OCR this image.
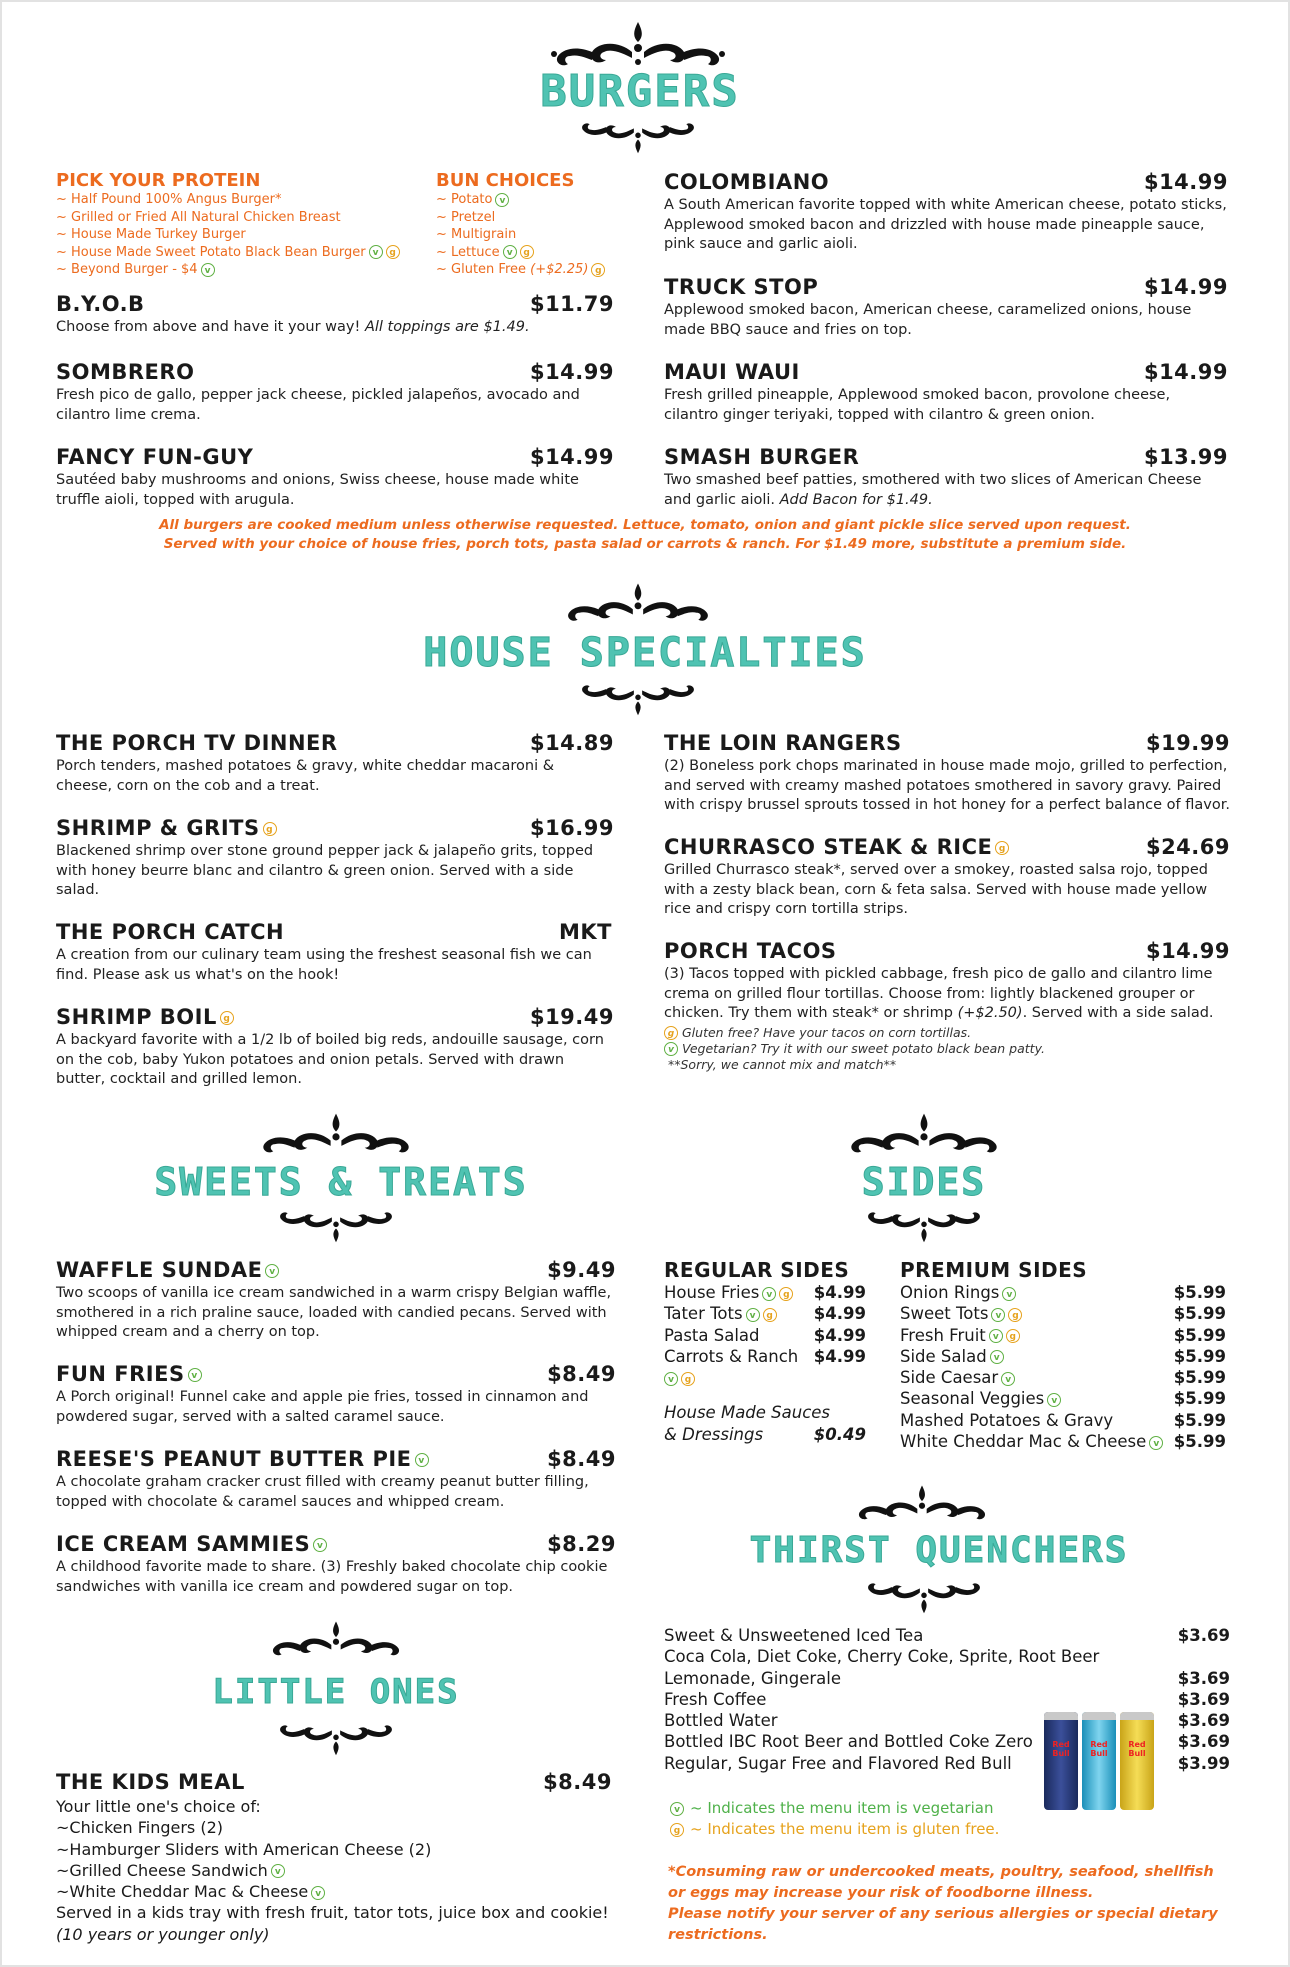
BURGERS
PICK YOUR PROTEIN
~ Half Pound 100% Angus Burger*
~ Grilled or Fried All Natural Chicken Breast
~ House Made Turkey Burger
~ House Made Sweet Potato Black Bean Burger v g
~ Beyond Burger - $4 v
BUN CHOICES
~ Potato v
~ Pretzel
~ Multigrain
~ Lettuce v g
~ Gluten Free (+$2.25) g
B.Y.O.B	$11.79
Choose from above and have it your way! All toppings are $1.49.
SOMBRERO	$14.99
Fresh pico de gallo, pepper jack cheese, pickled jalapeños, avocado and cilantro lime crema.
FANCY FUN-GUY	$14.99
Sautéed baby mushrooms and onions, Swiss cheese, house made white truffle aioli, topped with arugula.
COLOMBIANO	$14.99
A South American favorite topped with white American cheese, potato sticks, Applewood smoked bacon and drizzled with house made pineapple sauce, pink sauce and garlic aioli.
TRUCK STOP	$14.99
Applewood smoked bacon, American cheese, caramelized onions, house made BBQ sauce and fries on top.
MAUI WAUI	$14.99
Fresh grilled pineapple, Applewood smoked bacon, provolone cheese, cilantro ginger teriyaki, topped with cilantro & green onion.
SMASH BURGER	$13.99
Two smashed beef patties, smothered with two slices of American Cheese and garlic aioli. Add Bacon for $1.49.
All burgers are cooked medium unless otherwise requested. Lettuce, tomato, onion and giant pickle slice served upon request.
Served with your choice of house fries, porch tots, pasta salad or carrots & ranch. For $1.49 more, substitute a premium side.
HOUSE SPECIALTIES
THE PORCH TV DINNER	$14.89
Porch tenders, mashed potatoes & gravy, white cheddar macaroni & cheese, corn on the cob and a treat.
SHRIMP & GRITS g	$16.99
Blackened shrimp over stone ground pepper jack & jalapeño grits, topped with honey beurre blanc and cilantro & green onion. Served with a side salad.
THE PORCH CATCH	MKT
A creation from our culinary team using the freshest seasonal fish we can find. Please ask us what's on the hook!
SHRIMP BOIL g	$19.49
A backyard favorite with a 1/2 lb of boiled big reds, andouille sausage, corn on the cob, baby Yukon potatoes and onion petals. Served with drawn butter, cocktail and grilled lemon.
THE LOIN RANGERS	$19.99
(2) Boneless pork chops marinated in house made mojo, grilled to perfection, and served with creamy mashed potatoes smothered in savory gravy. Paired with crispy brussel sprouts tossed in hot honey for a perfect balance of flavor.
CHURRASCO STEAK & RICE g	$24.69
Grilled Churrasco steak*, served over a smokey, roasted salsa rojo, topped with a zesty black bean, corn & feta salsa. Served with house made yellow rice and crispy corn tortilla strips.
PORCH TACOS	$14.99
(3) Tacos topped with pickled cabbage, fresh pico de gallo and cilantro lime crema on grilled flour tortillas. Choose from: lightly blackened grouper or chicken. Try them with steak* or shrimp (+$2.50). Served with a side salad.
g Gluten free? Have your tacos on corn tortillas.
v Vegetarian? Try it with our sweet potato black bean patty.
**Sorry, we cannot mix and match**
SWEETS & TREATS
WAFFLE SUNDAE v	$9.49
Two scoops of vanilla ice cream sandwiched in a warm crispy Belgian waffle, smothered in a rich praline sauce, loaded with candied pecans. Served with whipped cream and a cherry on top.
FUN FRIES v	$8.49
A Porch original! Funnel cake and apple pie fries, tossed in cinnamon and powdered sugar, served with a salted caramel sauce.
REESE'S PEANUT BUTTER PIE v	$8.49
A chocolate graham cracker crust filled with creamy peanut butter filling, topped with chocolate & caramel sauces and whipped cream.
ICE CREAM SAMMIES v	$8.29
A childhood favorite made to share. (3) Freshly baked chocolate chip cookie sandwiches with vanilla ice cream and powdered sugar on top.
LITTLE ONES
THE KIDS MEAL	$8.49
Your little one's choice of:
~Chicken Fingers (2)
~Hamburger Sliders with American Cheese (2)
~Grilled Cheese Sandwich v
~White Cheddar Mac & Cheese v
Served in a kids tray with fresh fruit, tator tots, juice box and cookie!
(10 years or younger only)
SIDES
REGULAR SIDES
House Fries v g $4.99
Tater Tots v g $4.99
Pasta Salad	$4.99
Carrots & Ranch $4.99
v g
House Made Sauces
& Dressings	$0.49
PREMIUM SIDES
Onion Rings v	$5.99
Sweet Tots v g	$5.99
Fresh Fruit v g	$5.99
Side Salad v	$5.99
Side Caesar v	$5.99
Seasonal Veggies v	$5.99
Mashed Potatoes & Gravy	$5.99
White Cheddar Mac & Cheese v $5.99
THIRST QUENCHERS
Sweet & Unsweetened Iced Tea	$3.69
Coca Cola, Diet Coke, Cherry Coke, Sprite, Root Beer
Lemonade, Gingerale	$3.69
Fresh Coffee	$3.69
Bottled Water	$3.69
Bottled IBC Root Beer and Bottled Coke Zero	$3.69
Regular, Sugar Free and Flavored Red Bull	$3.99
Red Bull
Red Bull
Red Bull
v ~ Indicates the menu item is vegetarian
g ~ Indicates the menu item is gluten free.
*Consuming raw or undercooked meats, poultry, seafood, shellfish
or eggs may increase your risk of foodborne illness.
Please notify your server of any serious allergies or special dietary
restrictions.
